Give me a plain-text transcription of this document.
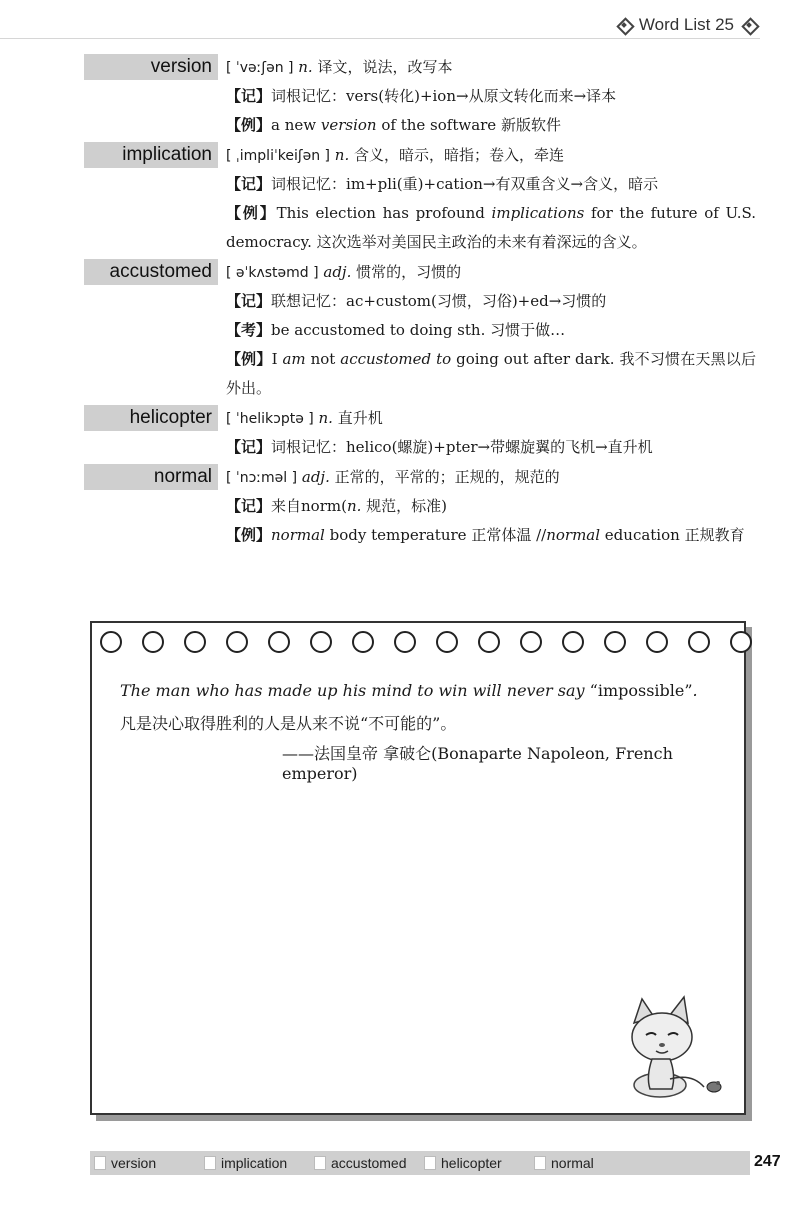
Word List 25
version	[ ˈvəːʃən ] n. 译文，说法，改写本
【记】词根记忆：vers(转化)+ion→从原文转化而来→译本
【例】a new version of the software 新版软件
implication	[ ˌimpliˈkeiʃən ] n. 含义，暗示，暗指；卷入，牵连
【记】词根记忆：im+pli(重)+cation→有双重含义→含义，暗示
【例】This election has profound implications for the future of U.S. democracy. 这次选举对美国民主政治的未来有着深远的含义。
accustomed	[ əˈkʌstəmd ] adj. 惯常的，习惯的
【记】联想记忆：ac+custom(习惯，习俗)+ed→习惯的
【考】be accustomed to doing sth. 习惯于做…
【例】I am not accustomed to going out after dark. 我不习惯在天黑以后外出。
helicopter	[ ˈhelikɔptə ] n. 直升机
【记】词根记忆：helico(螺旋)+pter→带螺旋翼的飞机→直升机
normal	[ ˈnɔːməl ] adj. 正常的，平常的；正规的，规范的
【记】来自norm(n. 规范，标准)
【例】normal body temperature 正常体温 //normal education 正规教育
The man who has made up his mind to win will never say “impossible”.
凡是决心取得胜利的人是从来不说“不可能的”。
——法国皇帝 拿破仑(Bonaparte Napoleon, French emperor)
version	implication	accustomed helicopter	normal	247
